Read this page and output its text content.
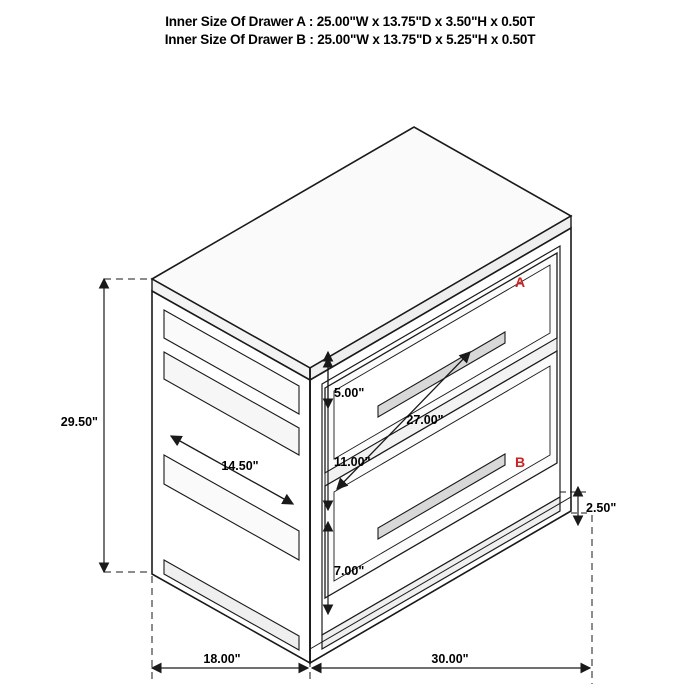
Inner Size Of Drawer A : 25.00"W x 13.75"D x 3.50"H x 0.50T
Inner Size Of Drawer B : 25.00"W x 13.75"D x 5.25"H x 0.50T
29.50"
18.00"	30.00"
2.50"
27.00"
14.50"
5.00"
11.00"
7.00"
A
B
